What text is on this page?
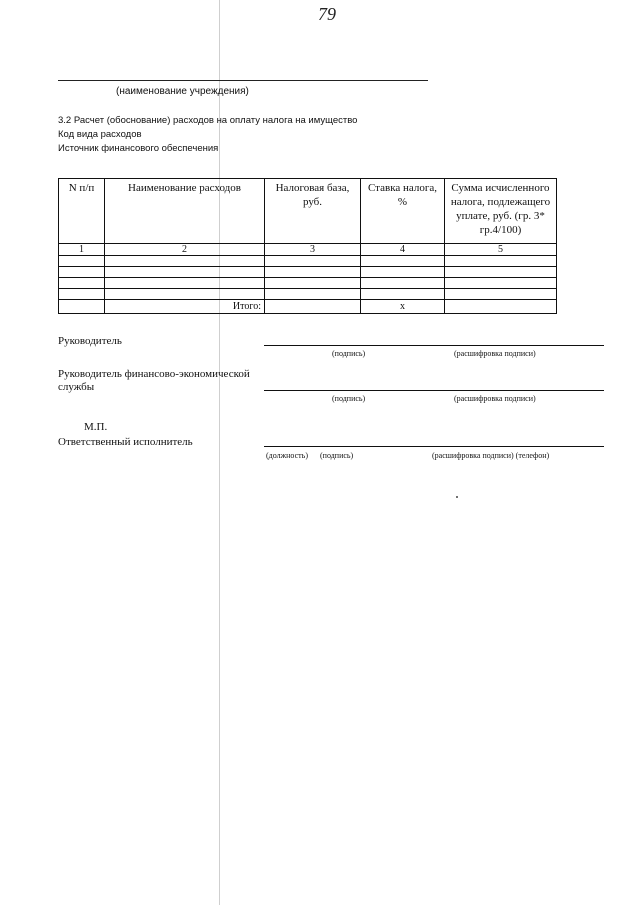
79
(наименование учреждения)
3.2 Расчет (обоснование) расходов на оплату налога на имущество
Код вида расходов
Источник финансового обеспечения
N п/п	Наименование расходов	Налоговая база, руб.	Ставка налога, %	Сумма исчисленного налога, подлежащего уплате, руб. (гр. 3* гр.4/100)
1	2	3	4	5

	Итого:		x	
Руководитель
(подпись)	(расшифровка подписи)
Руководитель финансово-экономической службы
(подпись)	(расшифровка подписи)
М.П.
Ответственный исполнитель
(должность) (подпись)	(расшифровка подписи) (телефон)
